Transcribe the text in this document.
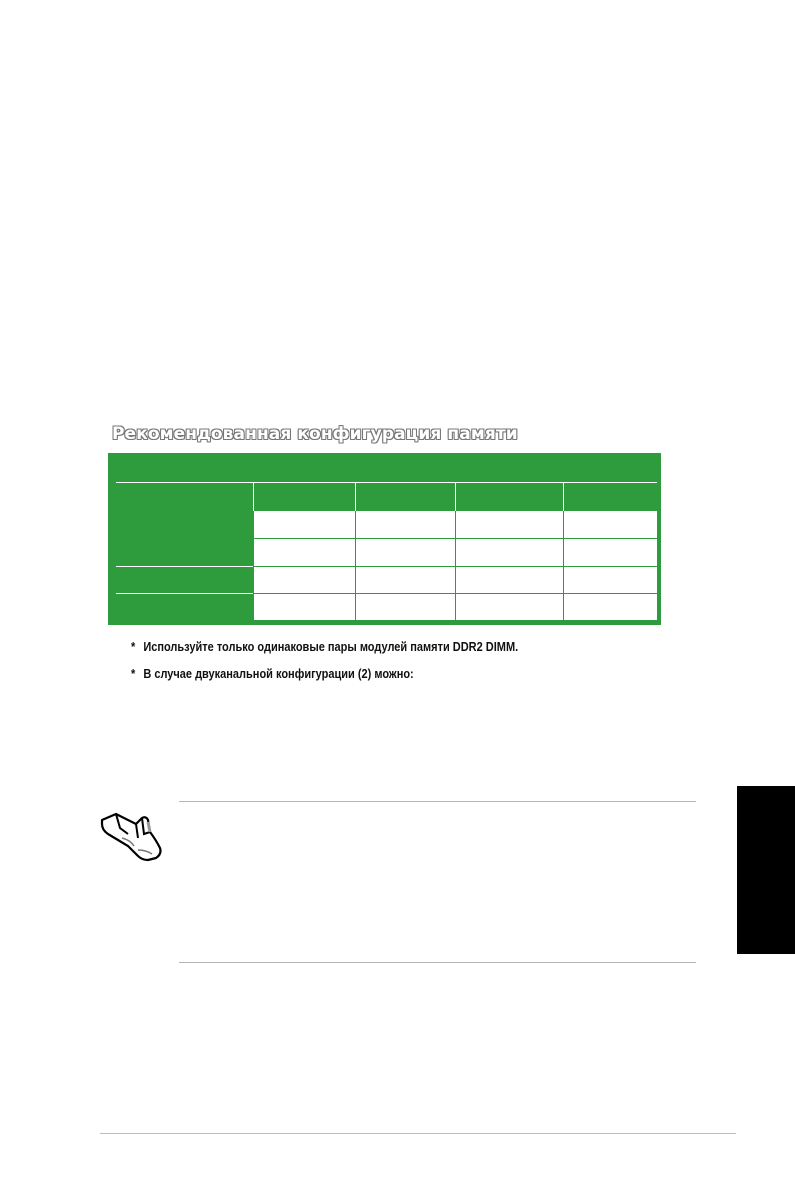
Рекомендованная конфигурация памяти
* Используйте только одинаковые пары модулей памяти DDR2 DIMM.
* В случае двуканальной конфигурации (2) можно:
